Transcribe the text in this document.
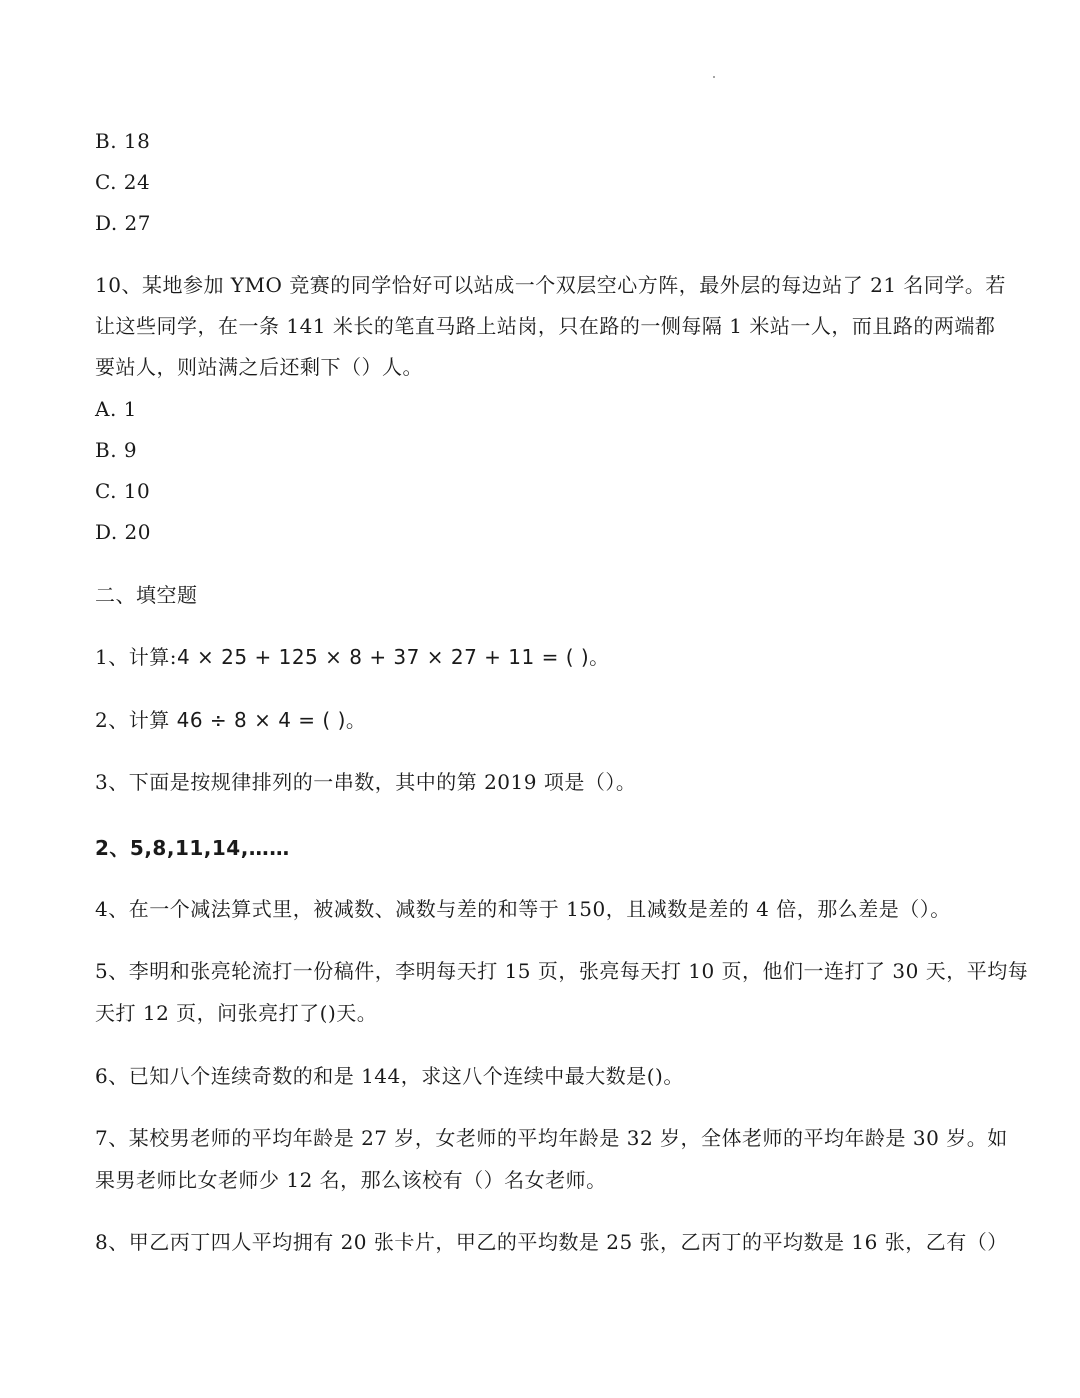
B. 18
C. 24
D. 27
10、某地参加 YMO 竞赛的同学恰好可以站成一个双层空心方阵，最外层的每边站了 21 名同学。若
让这些同学，在一条 141 米长的笔直马路上站岗，只在路的一侧每隔 1 米站一人，而且路的两端都
要站人，则站满之后还剩下（）人。
A. 1
B. 9
C. 10
D. 20
二、填空题
1、计算:4 × 25 + 125 × 8 + 37 × 27 + 11 = ( )。
2、计算 46 ÷ 8 × 4 = ( )。
3、下面是按规律排列的一串数，其中的第 2019 项是（）。
2、5,8,11,14,……
4、在一个减法算式里，被减数、减数与差的和等于 150，且减数是差的 4 倍，那么差是（）。
5、李明和张亮轮流打一份稿件，李明每天打 15 页，张亮每天打 10 页，他们一连打了 30 天，平均每
天打 12 页，问张亮打了()天。
6、已知八个连续奇数的和是 144，求这八个连续中最大数是()。
7、某校男老师的平均年龄是 27 岁，女老师的平均年龄是 32 岁，全体老师的平均年龄是 30 岁。如
果男老师比女老师少 12 名，那么该校有（）名女老师。
8、甲乙丙丁四人平均拥有 20 张卡片，甲乙的平均数是 25 张，乙丙丁的平均数是 16 张，乙有（）
